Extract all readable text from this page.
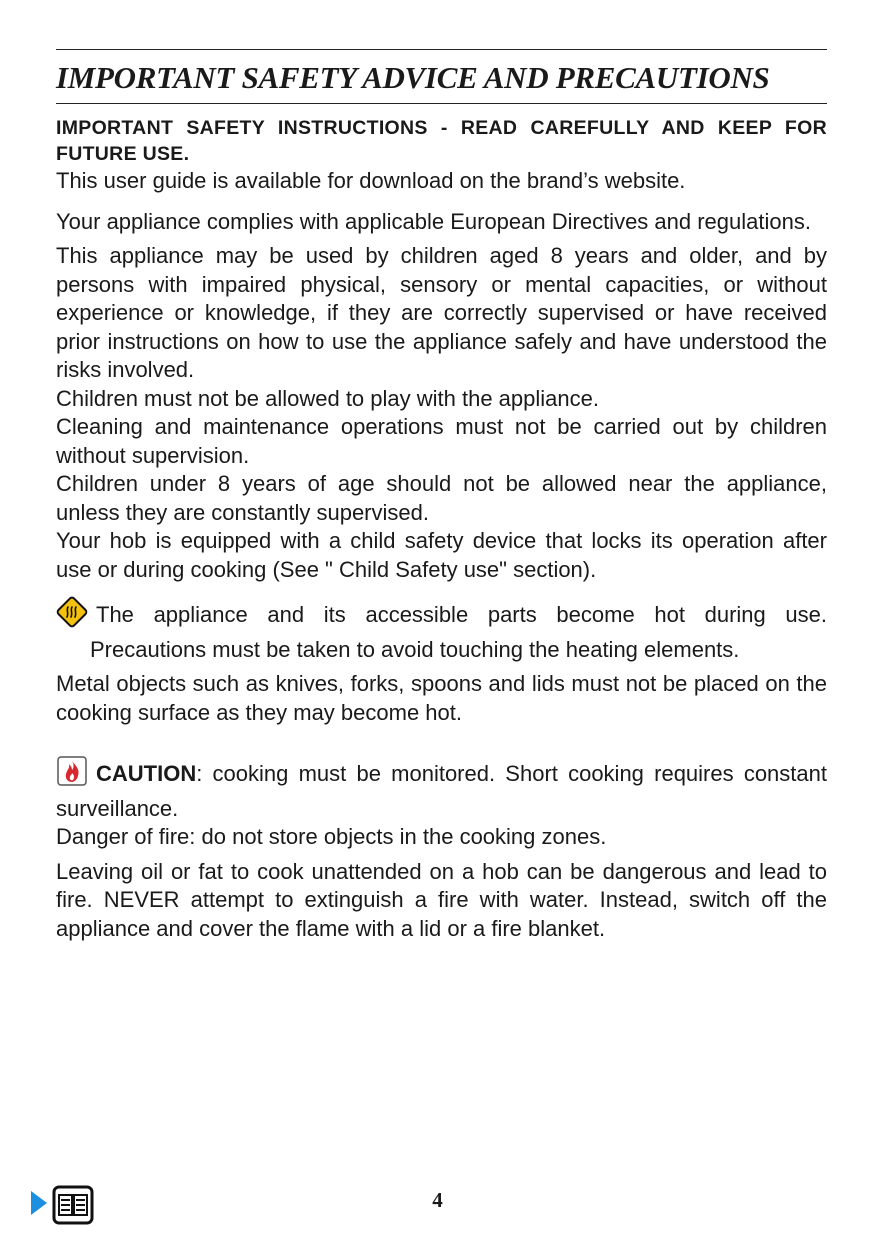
IMPORTANT SAFETY ADVICE AND PRECAUTIONS

IMPORTANT SAFETY INSTRUCTIONS - READ CAREFULLY AND KEEP FOR FUTURE USE.

This user guide is available for download on the brand’s website.

Your appliance complies with applicable European Directives and regulations.

This appliance may be used by children aged 8 years and older, and by persons with impaired physical, sensory or mental capacities, or without experience or knowledge, if they are correctly supervised or have received prior instructions on how to use the appliance safely and have understood the risks involved.

Children must not be allowed to play with the appliance.

Cleaning and maintenance operations must not be carried out by children without supervision.

Children under 8 years of age should not be allowed near the appliance, unless they are constantly supervised.

Your hob is equipped with a child safety device that locks its operation after use or during cooking (See " Child Safety use" section).

The appliance and its accessible parts become hot during use.

Precautions must be taken to avoid touching the heating elements.

Metal objects such as knives, forks, spoons and lids must not be placed on the cooking surface as they may become hot.

CAUTION: cooking must be monitored. Short cooking requires constant surveillance.

Danger of fire: do not store objects in the cooking zones.

Leaving oil or fat to cook unattended on a hob can be dangerous and lead to fire. NEVER attempt to extinguish a fire with water. Instead, switch off the appliance and cover the flame with a lid or a fire blanket.

4
